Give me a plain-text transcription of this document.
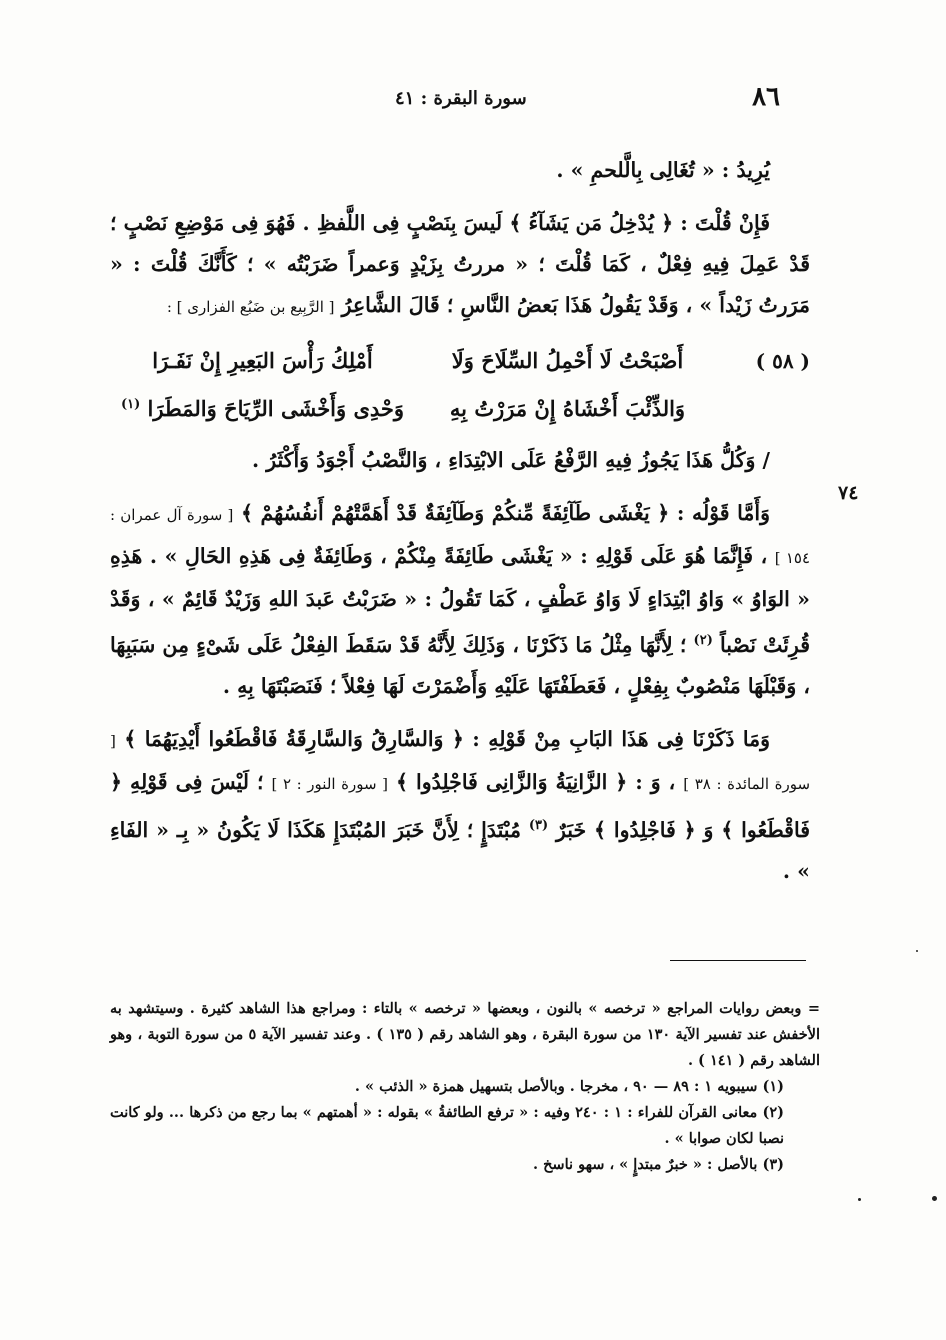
٨٦
سورة البقرة : ٤١
٧٤

يُرِيدُ : « تُغَالِى بِالَّلحمِ » .

فَإِنْ قُلْتَ : ﴿ يُدْخِلُ مَن يَشَآءُ ﴾ لَيسَ بِنَصْبٍ فِى اللَّفظِ . فَهُوَ فِى مَوْضِعِ نَصْبٍ ؛ قَدْ عَمِلَ فِيهِ فِعْلٌ ، كَمَا قُلْتَ ؛ « مررتُ بِزَيْدٍ وَعمراً ضَرَبْتُه » ؛ كَأَنَّكَ قُلْتَ : « مَرَرتُ زَيْداً » ، وَقَدْ يَقُولُ هَذَا بَعضُ النَّاسِ ؛ قَالَ الشَّاعِرُ [ الرَّبِيع بن ضَبُع الفزارى ] :

( ٥٨ )
أَصْبَحْتُ لَا أَحْمِلُ السِّلَاحَ وَلَا
أَمْلِكُ رَأْسَ البَعِيرِ إِنْ نَفَـرَا
وَالذِّئْبَ أَخْشَاهُ إِنْ مَرَرْتُ بِهِ
وَحْدِى وَأَخْشَى الرِّيَاحَ وَالمَطَرَا $^{(١)}$

/ وَكُلُّ هَذَا يَجُوزُ فِيهِ الرَّفْعُ عَلَى الابْتِدَاءِ ، وَالنَّصْبُ أَجْوَدُ وَأَكْثَرُ .

وَأَمَّا قَوْلُه : ﴿ يَغْشَى طَآئِفَةً مِّنكُمْ وَطَآئِفَةٌ قَدْ أَهَمَّتْهُمْ أَنفُسُهُمْ ﴾ [ سورة آل عمران : ١٥٤ ] ، فَإِنَّمَا هُوَ عَلَى قَوْلِهِ : « يَغْشَى طَائِفَةً مِنْكُمْ ، وَطَائِفَةٌ فِى هَذِهِ الحَالِ » . هَذِهِ « الوَاوُ » وَاوُ ابْتِدَاءٍ لَا وَاوُ عَطْفٍ ، كَمَا تَقُولُ : « ضَرَبْتُ عَبدَ اللهِ وَزَيْدٌ قَائِمٌ » ، وَقَدْ قُرِئَتْ نَصْباً $^{(٢)}$ ؛ لِأَنَّهَا مِثْلُ مَا ذَكَرْنَا ، وَذَلِكَ لِأَنَّهُ قَدْ سَقَطَ الفِعْلُ عَلَى شَىْءٍ مِن سَبَبِهَا ، وَقَبْلَهَا مَنْصُوبٌ بِفِعْلٍ ، فَعَطَفْتَهَا عَلَيْهِ وَأَضْمَرْتَ لَهَا فِعْلاً ؛ فَنَصَبْتَهَا بِهِ .

وَمَا ذَكَرْنَا فِى هَذَا البَابِ مِنْ قَوْلِهِ : ﴿ وَالسَّارِقُ وَالسَّارِقَةُ فَاقْطَعُوا أَيْدِيَهُمَا ﴾ [ سورة المائدة : ٣٨ ] ، وَ : ﴿ الزَّانِيَةُ وَالزَّانِى فَاجْلِدُوا ﴾ [ سورة النور : ٢ ] ؛ لَيْسَ فِى قَوْلِهِ ﴿ فَاقْطَعُوا ﴾ وَ ﴿ فَاجْلِدُوا ﴾ خَبَرٌ $^{(٣)}$ مُبْتَدَإٍ ؛ لِأَنَّ خَبَرَ المُبْتَدَإِ هَكَذَا لَا يَكُونُ « بِـ « الفَاءِ » .

= وبعض روايات المراجع « ترخصه » بالنون ، وبعضها « ترخصه » بالتاء : ومراجع هذا الشاهد كثيرة . وسيتشهد به الأخفش عند تفسير الآية ١٣٠ من سورة البقرة ، وهو الشاهد رقم ( ١٣٥ ) . وعند تفسير الآية ٥ من سورة التوبة ، وهو الشاهد رقم ( ١٤١ ) .

(١) سيبويه ١ : ٨٩ — ٩٠ ، مخرجا . وبالأصل بتسهيل همزة « الذئب » .

(٢) معانى القرآن للفراء : ١ : ٢٤٠ وفيه : « ترفع الطائفةُ » بقوله : « أهمتهم » بما رجع من ذكرها ... ولو كانت نصبا لكان صوابا » .

(٣) بالأصل : « خبرٌ مبتدإٍ » ، سهو ناسخ .
